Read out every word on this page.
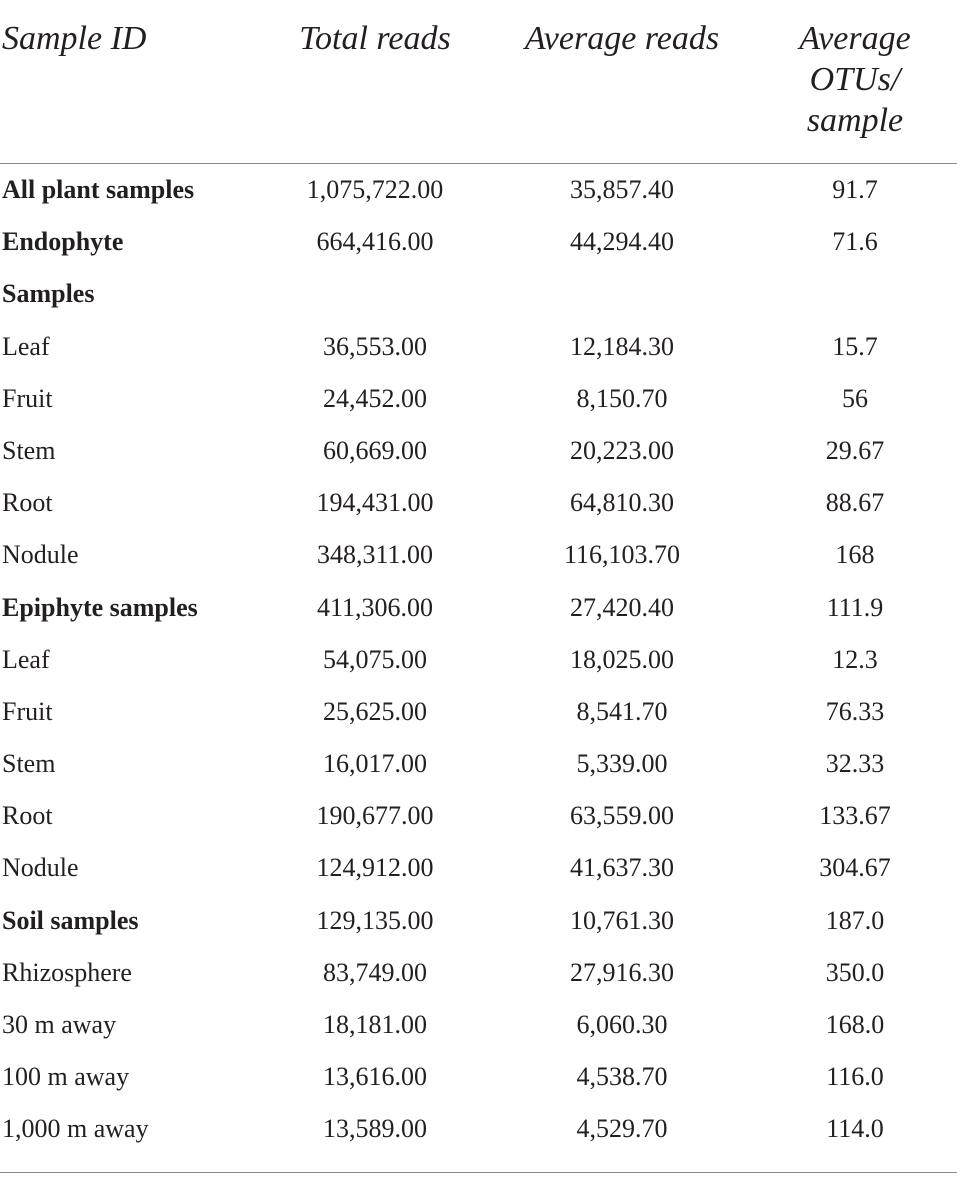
Sample ID	Total reads	Average reads	Average
OTUs/
sample
All plant samples	1,075,722.00	35,857.40	91.7
Endophyte	664,416.00	44,294.40	71.6
Samples
Leaf	36,553.00	12,184.30	15.7
Fruit	24,452.00	8,150.70	56
Stem	60,669.00	20,223.00	29.67
Root	194,431.00	64,810.30	88.67
Nodule	348,311.00	116,103.70	168
Epiphyte samples	411,306.00	27,420.40	111.9
Leaf	54,075.00	18,025.00	12.3
Fruit	25,625.00	8,541.70	76.33
Stem	16,017.00	5,339.00	32.33
Root	190,677.00	63,559.00	133.67
Nodule	124,912.00	41,637.30	304.67
Soil samples	129,135.00	10,761.30	187.0
Rhizosphere	83,749.00	27,916.30	350.0
30 m away	18,181.00	6,060.30	168.0
100 m away	13,616.00	4,538.70	116.0
1,000 m away	13,589.00	4,529.70	114.0
